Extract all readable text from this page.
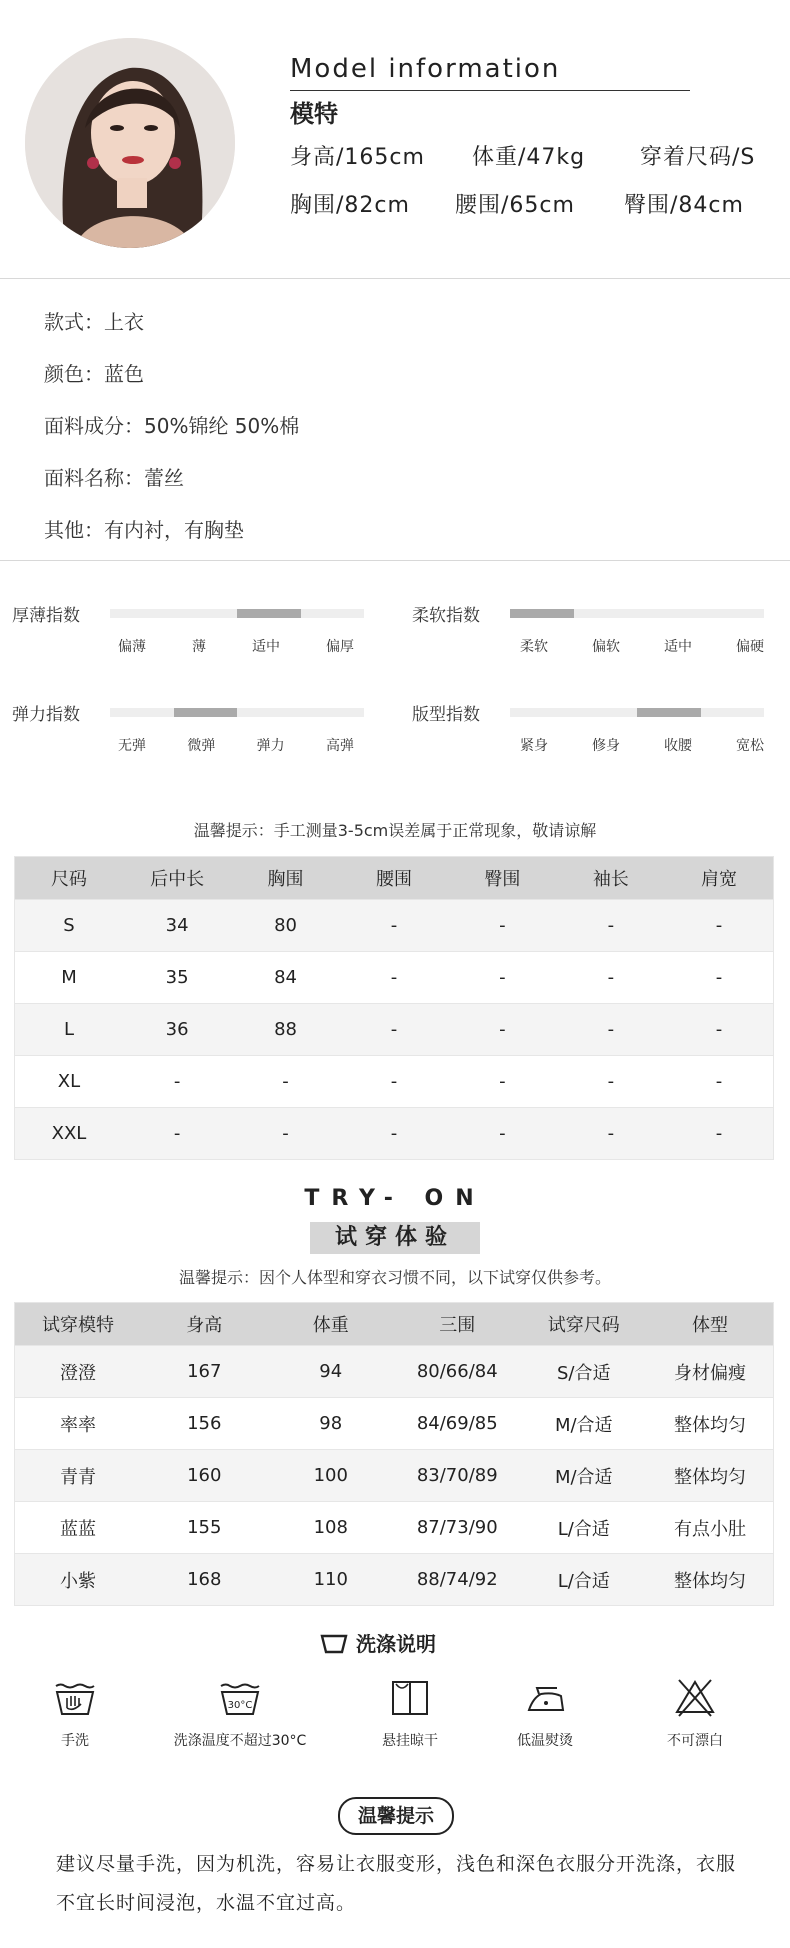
Model information
模特
身高/165cm 体重/47kg 穿着尺码/S
胸围/82cm 腰围/65cm 臀围/84cm
款式：上衣
颜色：蓝色
面料成分：50%锦纶 50%棉
面料名称：蕾丝
其他：有内衬，有胸垫
厚薄指数
偏薄	薄	适中	偏厚
柔软指数
柔软	偏软	适中	偏硬
弹力指数
无弹	微弹	弹力	高弹
版型指数
紧身	修身	收腰	宽松
温馨提示：手工测量3-5cm误差属于正常现象，敬请谅解
尺码	后中长	胸围	腰围	臀围	袖长	肩宽
S	34	80	-	-	-	-
M	35	84	-	-	-	-
L	36	88	-	-	-	-
XL	-	-	-	-	-	-
XXL	-	-	-	-	-	-
TRY- ON
试穿体验
温馨提示：因个人体型和穿衣习惯不同，以下试穿仅供参考。
试穿模特	身高	体重	三围	试穿尺码	体型
澄澄	167	94	80/66/84	S/合适	身材偏瘦
率率	156	98	84/69/85	M/合适	整体均匀
青青	160	100	83/70/89	M/合适	整体均匀
蓝蓝	155	108	87/73/90	L/合适	有点小肚
小紫	168	110	88/74/92	L/合适	整体均匀
洗涤说明
手洗
30°C
洗涤温度不超过30°C	悬挂晾干	低温熨烫	不可漂白
温馨提示
建议尽量手洗，因为机洗，容易让衣服变形，浅色和深色衣服分开洗涤，衣服不宜长时间浸泡，水温不宜过高。
